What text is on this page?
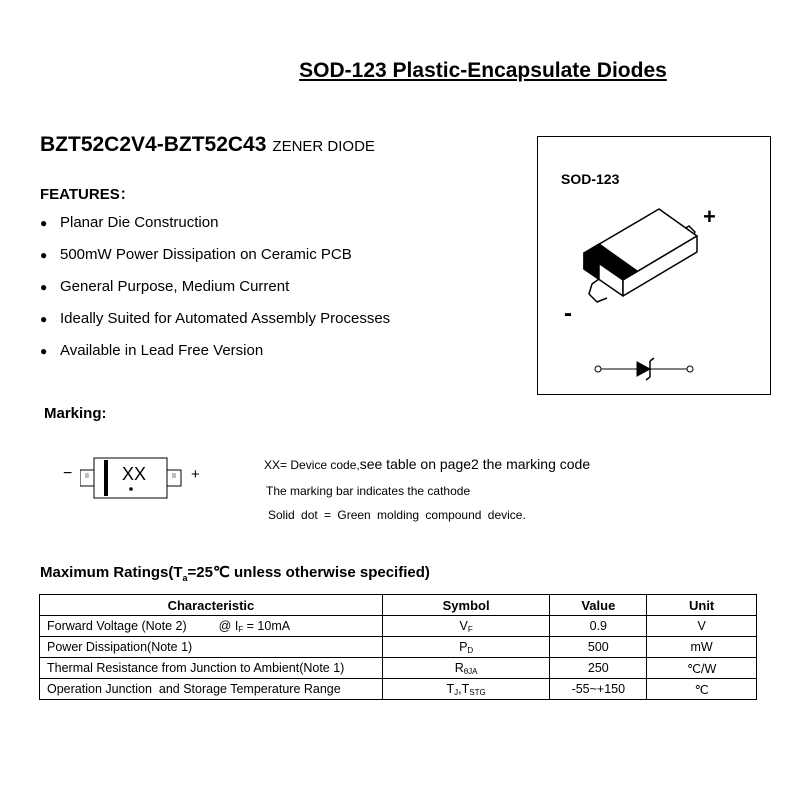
SOD-123 Plastic-Encapsulate Diodes
BZT52C2V4-BZT52C43 ZENER DIODE
FEATURES：
● Planar Die Construction
● 500mW Power Dissipation on Ceramic PCB
● General Purpose, Medium Current
● Ideally Suited for Automated Assembly Processes
● Available in Lead Free Version
SOD-123
+
-
Marking:
− II	II
XX	+
XX= Device code,see table on page2 the marking code
The marking bar indicates the cathode
Solid dot = Green molding compound device.
Maximum $Ratings(T_a=25℃$ unless otherwise specified)
Characteristic	Symbol	Value	Unit
Forward Voltage (Note 2) @ IF = 10mA	VF	0.9	V
Power Dissipation(Note 1)	PD	500	mW
Thermal Resistance from Junction to Ambient(Note 1)	RθJA	250	℃/W
Operation Junction  and Storage Temperature Range	TJ,TSTG	-55~+150	℃
